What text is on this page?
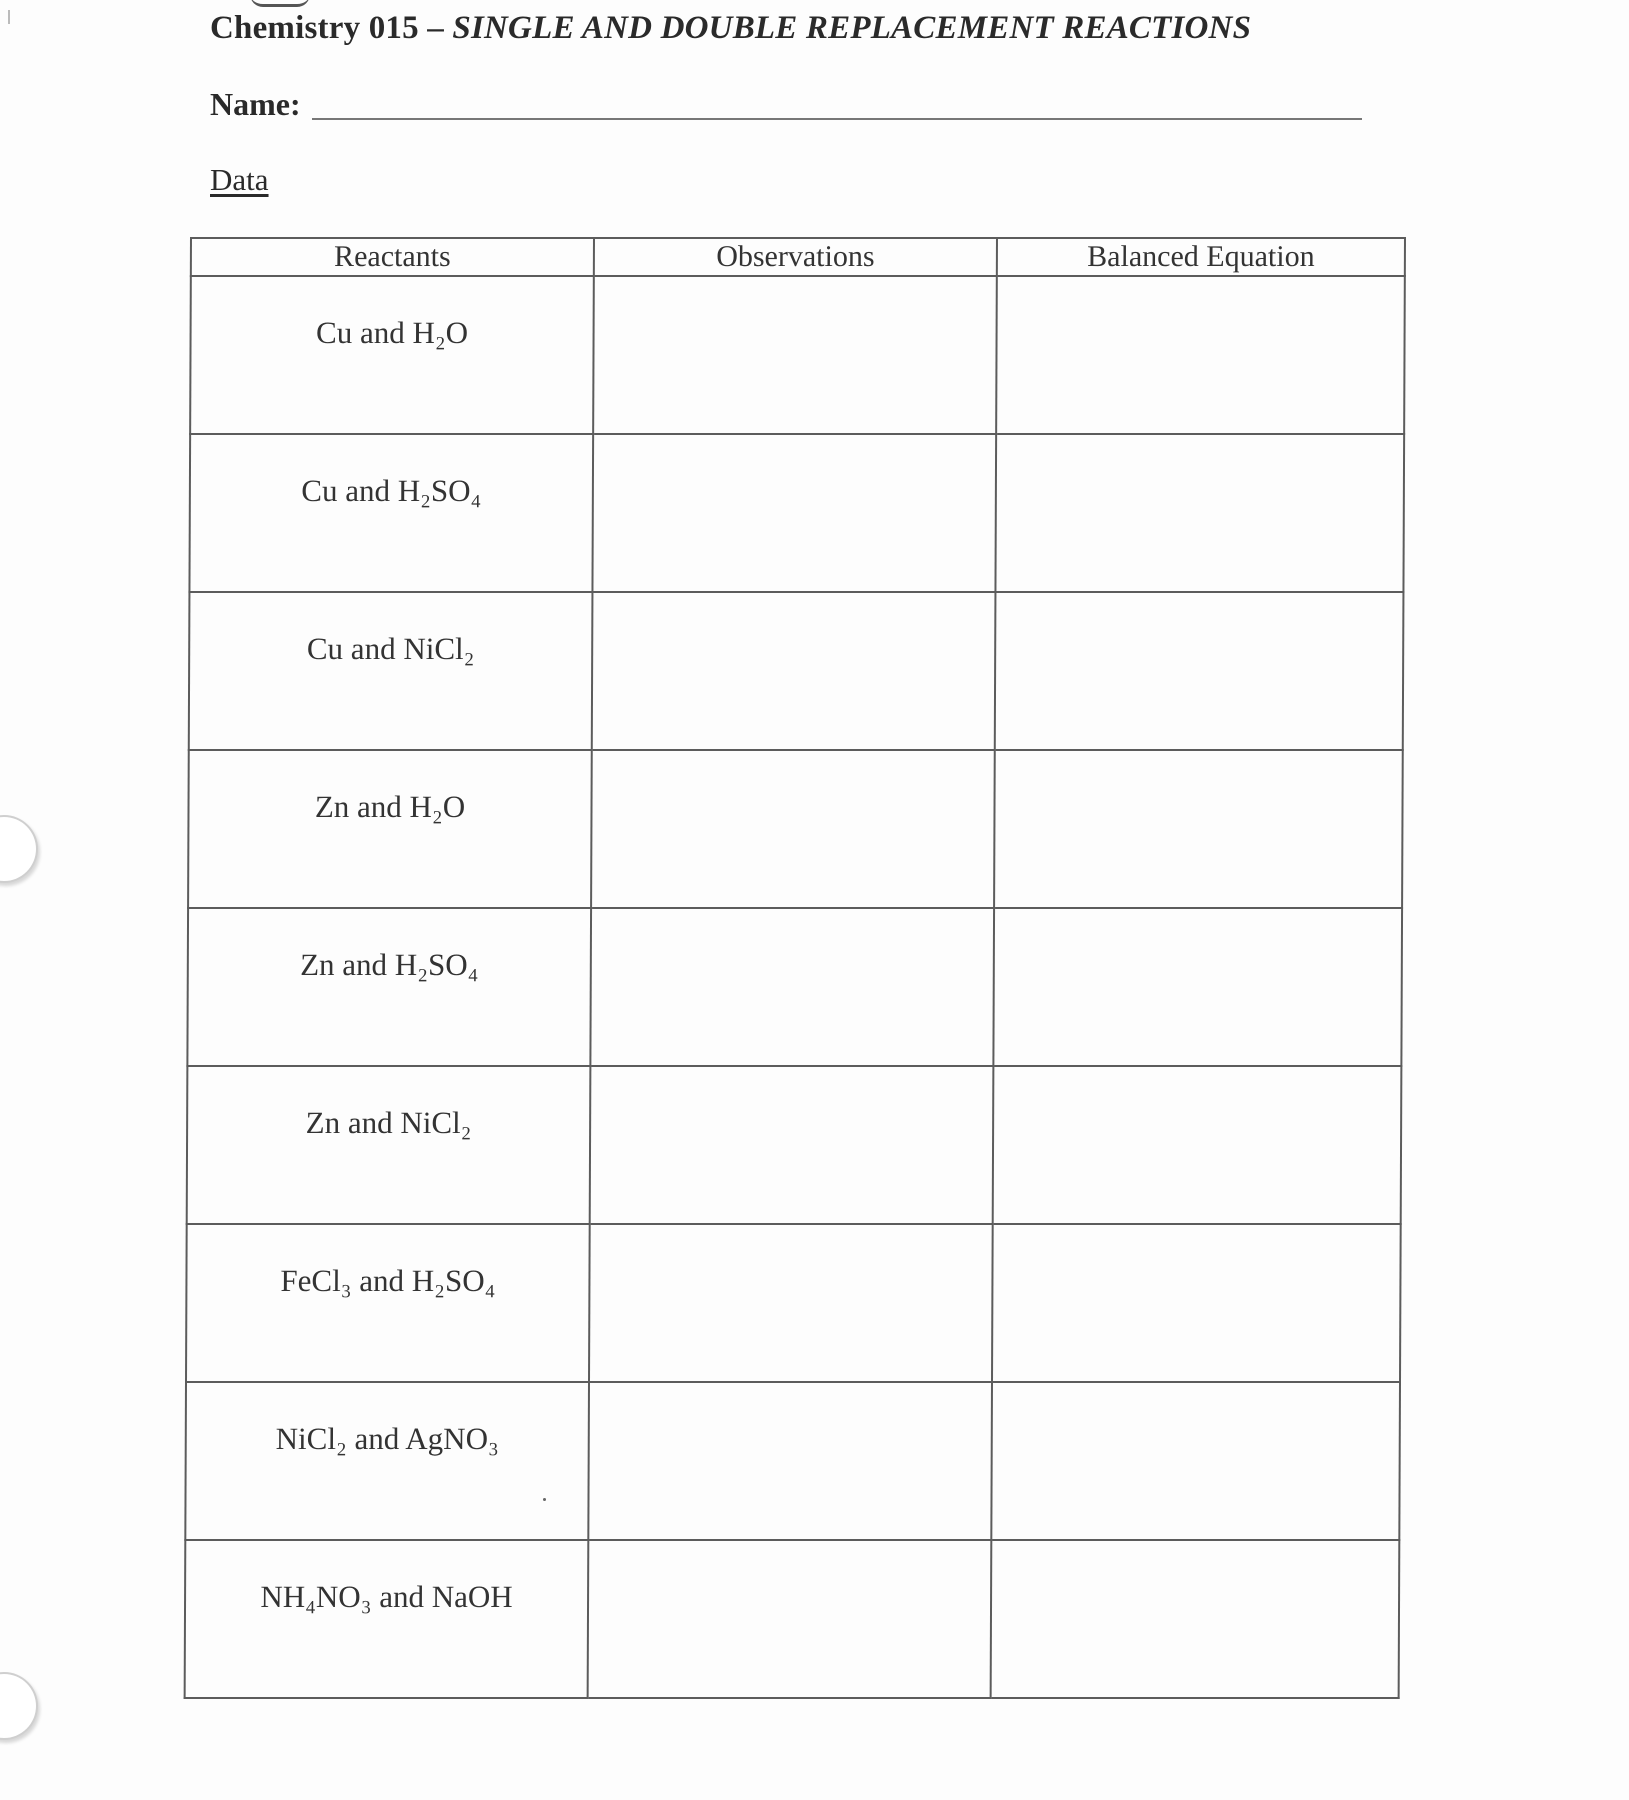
Chemistry 015 – SINGLE AND DOUBLE REPLACEMENT REACTIONS
Name:
Data
Reactants	Observations	Balanced Equation
Cu and H₂O		
Cu and H₂SO₄		
Cu and NiCl₂		
Zn and H₂O		
Zn and H₂SO₄		
Zn and NiCl₂		
FeCl₃ and H₂SO₄		
NiCl₂ and AgNO₃		
NH₄NO₃ and NaOH		
